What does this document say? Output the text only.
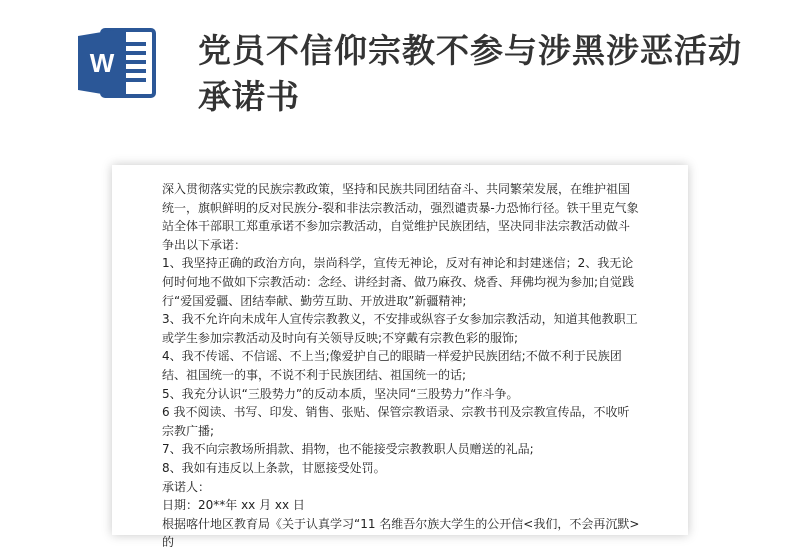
W	党员不信仰宗教不参与涉黑涉恶活动承诺书

深入贯彻落实党的民族宗教政策，坚持和民族共同团结奋斗、共同繁荣发展，在维护祖国统一，旗帜鲜明的反对民族分-裂和非法宗教活动，强烈谴责暴-力恐怖行径。铁干里克气象站全体干部职工郑重承诺不参加宗教活动，自觉维护民族团结，坚决同非法宗教活动做斗争出以下承诺：

1、我坚持正确的政治方向，崇尚科学，宣传无神论，反对有神论和封建迷信；2、我无论何时何地不做如下宗教活动：念经、讲经封斋、做乃麻孜、烧香、拜佛均视为参加;自觉践行“爱国爱疆、团结奉献、勤劳互助、开放进取”新疆精神;

3、我不允许向未成年人宣传宗教教义，不安排或纵容子女参加宗教活动，知道其他教职工或学生参加宗教活动及时向有关领导反映;不穿戴有宗教色彩的服饰;

4、我不传谣、不信谣、不上当;像爱护自己的眼睛一样爱护民族团结;不做不利于民族团结、祖国统一的事，不说不利于民族团结、祖国统一的话;

5、我充分认识“三股势力”的反动本质，坚决同“三股势力”作斗争。

6 我不阅读、书写、印发、销售、张贴、保管宗教语录、宗教书刊及宗教宣传品，不收听宗教广播;

7、我不向宗教场所捐款、捐物，也不能接受宗教教职人员赠送的礼品;

8、我如有违反以上条款，甘愿接受处罚。

承诺人：

日期：20**年 xx 月 xx 日

根据喀什地区教育局《关于认真学习“11 名维吾尔族大学生的公开信<我们，不会再沉默>的
